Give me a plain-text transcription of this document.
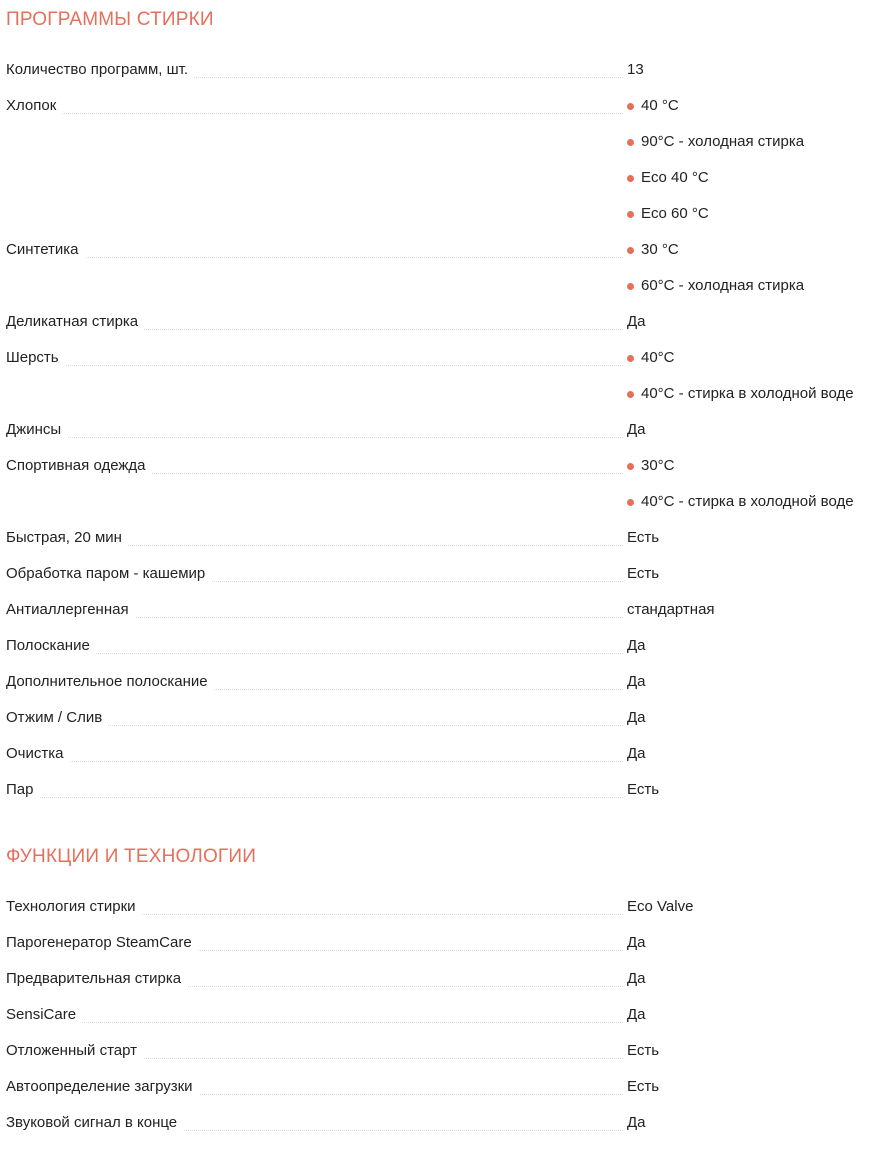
ПРОГРАММЫ СТИРКИ
Количество программ, шт.	13
Хлопок	40 °C
90°C - холодная стирка
Eco 40 °C
Eco 60 °C
Синтетика	30 °C
60°C - холодная стирка
Деликатная стирка	Да
Шерсть	40°C
40°C - стирка в холодной воде
Джинсы	Да
Спортивная одежда	30°C
40°C - стирка в холодной воде
Быстрая, 20 мин	Есть
Обработка паром - кашемир	Есть
Антиаллергенная	стандартная
Полоскание	Да
Дополнительное полоскание	Да
Отжим / Слив	Да
Очистка	Да
Пар	Есть
ФУНКЦИИ И ТЕХНОЛОГИИ
Технология стирки	Eco Valve
Парогенератор SteamCare	Да
Предварительная стирка	Да
SensiCare	Да
Отложенный старт	Есть
Автоопределение загрузки	Есть
Звуковой сигнал в конце	Да
